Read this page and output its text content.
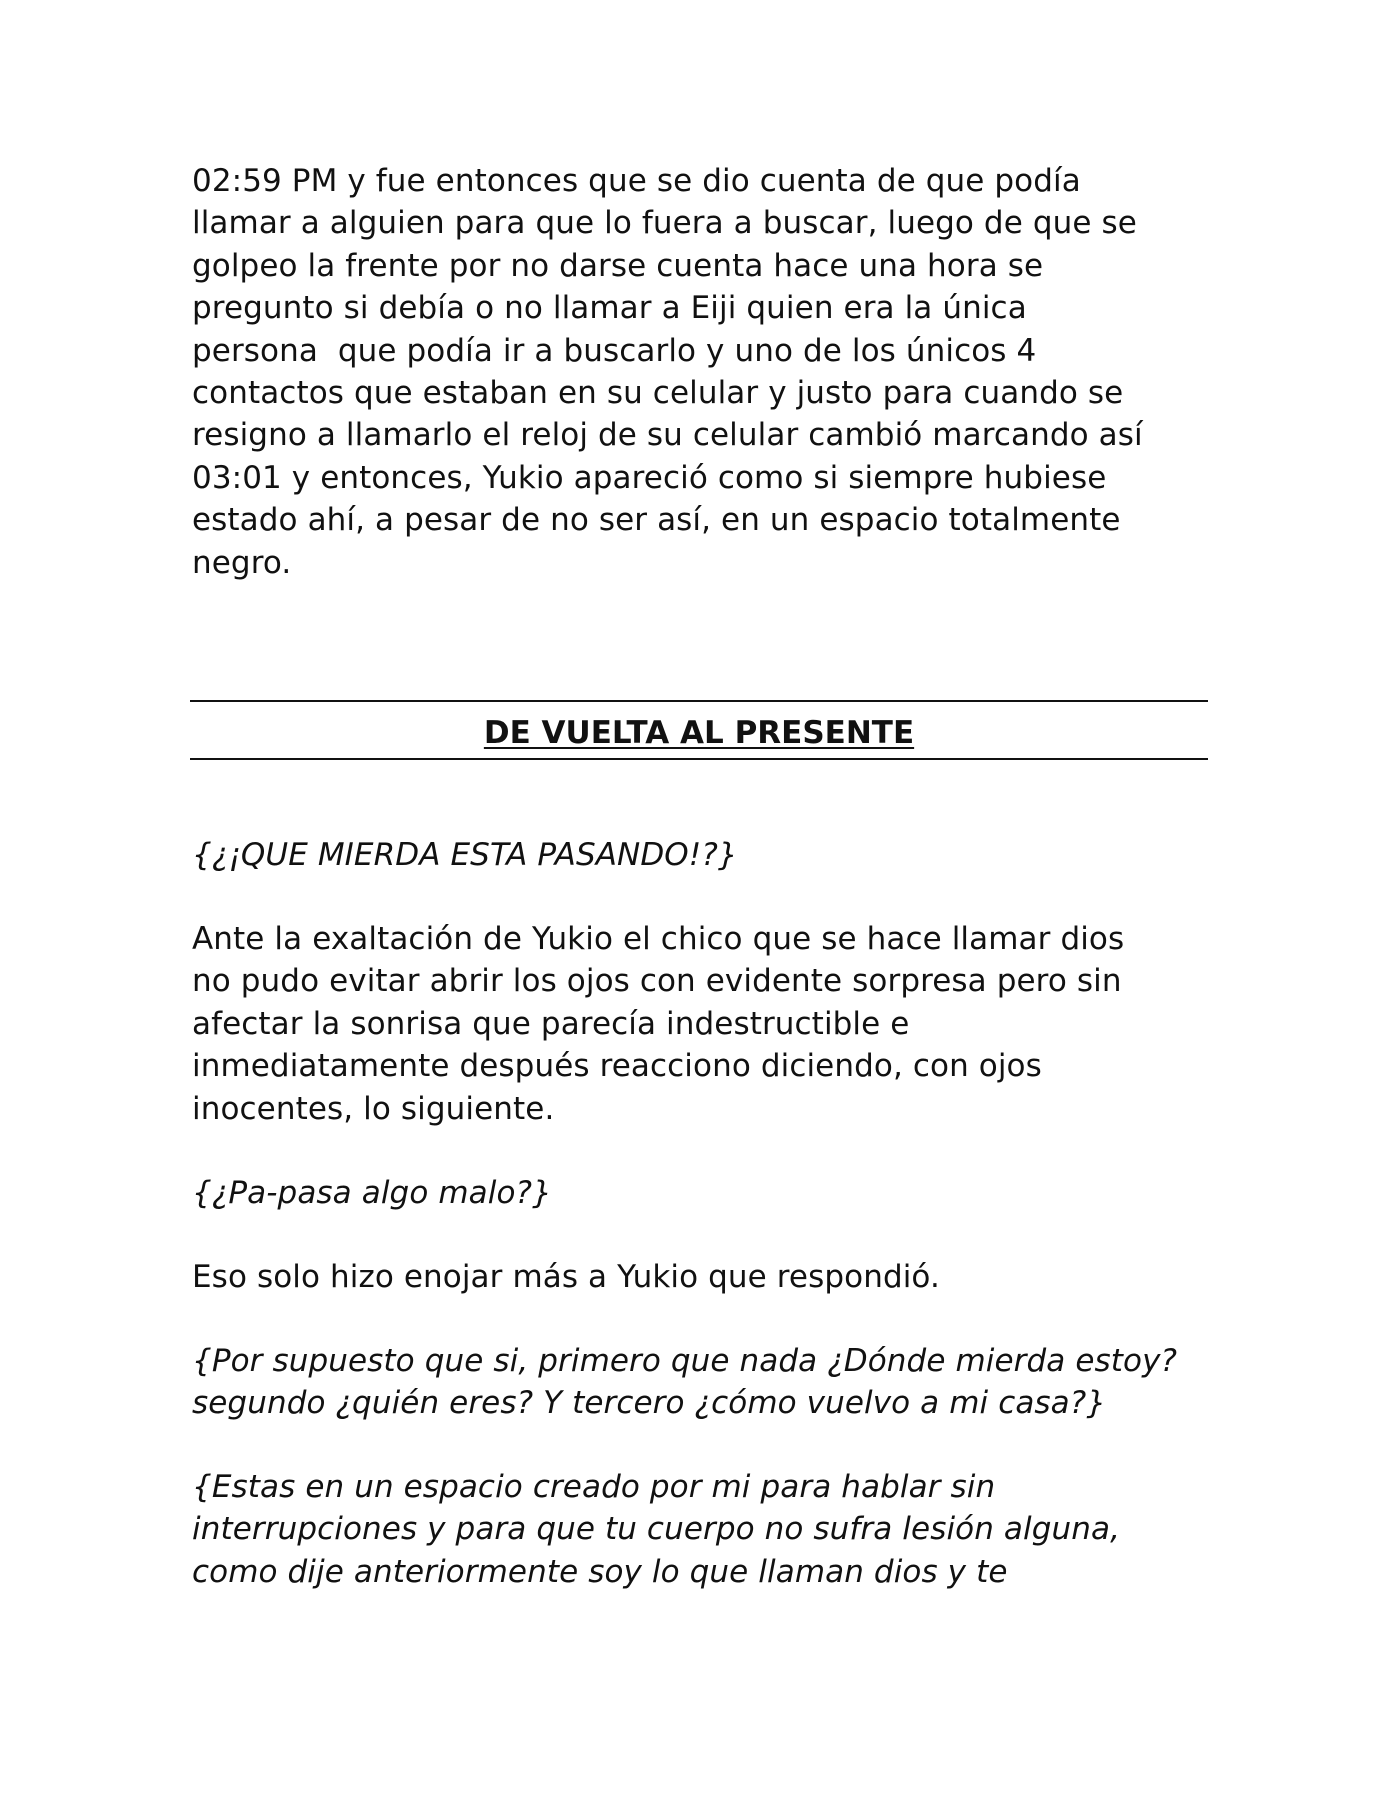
02:59 PM y fue entonces que se dio cuenta de que podía
llamar a alguien para que lo fuera a buscar, luego de que se
golpeo la frente por no darse cuenta hace una hora se
pregunto si debía o no llamar a Eiji quien era la única
persona  que podía ir a buscarlo y uno de los únicos 4
contactos que estaban en su celular y justo para cuando se
resigno a llamarlo el reloj de su celular cambió marcando así
03:01 y entonces, Yukio apareció como si siempre hubiese
estado ahí, a pesar de no ser así, en un espacio totalmente
negro.

DE VUELTA AL PRESENTE

{¿¡QUE MIERDA ESTA PASANDO!?}

Ante la exaltación de Yukio el chico que se hace llamar dios
no pudo evitar abrir los ojos con evidente sorpresa pero sin
afectar la sonrisa que parecía indestructible e
inmediatamente después reacciono diciendo, con ojos
inocentes, lo siguiente.

{¿Pa-pasa algo malo?}

Eso solo hizo enojar más a Yukio que respondió.

{Por supuesto que si, primero que nada ¿Dónde mierda estoy?
segundo ¿quién eres? Y tercero ¿cómo vuelvo a mi casa?}

{Estas en un espacio creado por mi para hablar sin
interrupciones y para que tu cuerpo no sufra lesión alguna,
como dije anteriormente soy lo que llaman dios y te
